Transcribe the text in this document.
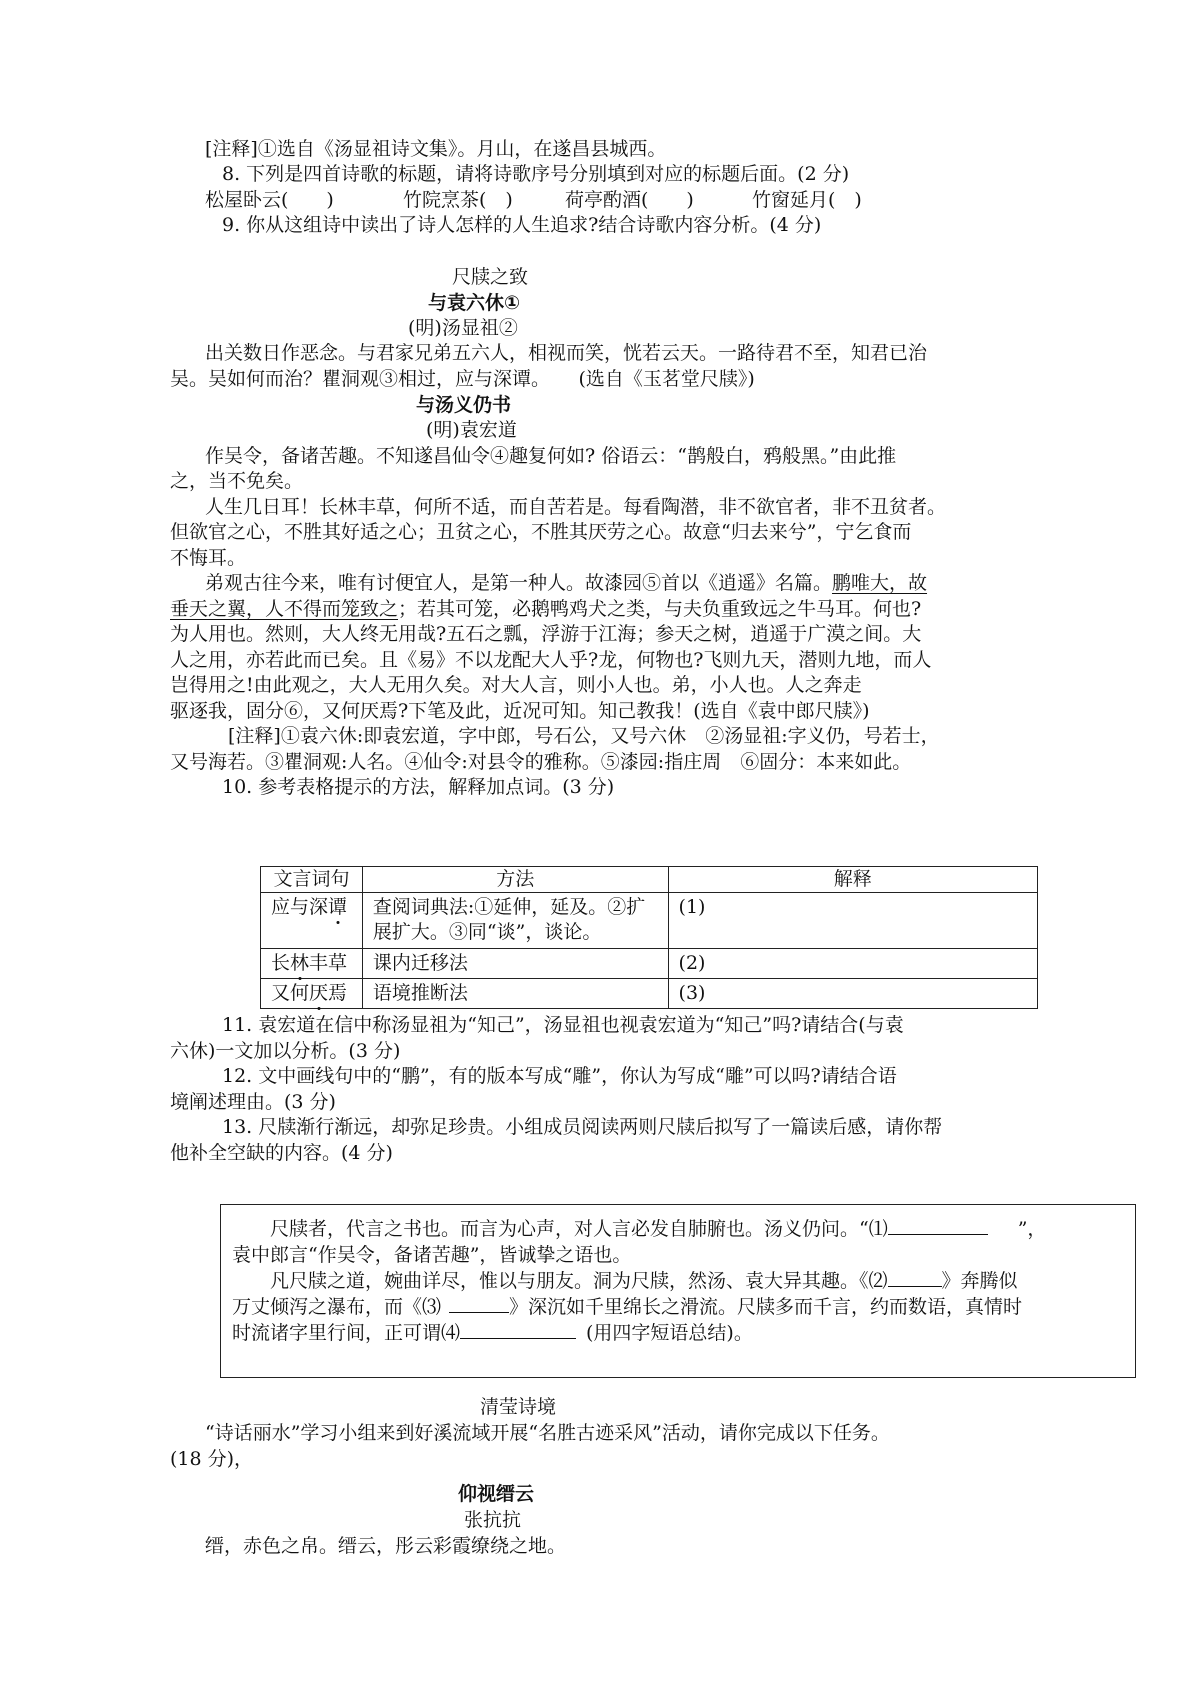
[注释]①选自《汤显祖诗文集》。月山，在遂昌县城西。
8. 下列是四首诗歌的标题，请将诗歌序号分别填到对应的标题后面。(2 分)
松屋卧云(　　)	竹院烹茶(　)	荷亭酌酒(　　)	竹窗延月(　)
9. 你从这组诗中读出了诗人怎样的人生追求?结合诗歌内容分析。(4 分)
尺牍之致
与袁六休①
(明)汤显祖②
出关数日作恶念。与君家兄弟五六人，相视而笑，恍若云天。一路待君不至，知君已治
吴。吴如何而治？瞿洞观③相过，应与深谭。　　(选自《玉茗堂尺牍》)
与汤义仍书
(明)袁宏道
作吴令，备诸苦趣。不知遂昌仙令④趣复何如? 俗语云：“鹊般白，鸦般黑。”由此推
之，当不免矣。
人生几日耳！长林丰草，何所不适，而自苦若是。每看陶潜，非不欲官者，非不丑贫者。
但欲官之心，不胜其好适之心；丑贫之心，不胜其厌劳之心。故意“归去来兮”，宁乞食而
不悔耳。
弟观古往今来，唯有讨便宜人，是第一种人。故漆园⑤首以《逍遥》名篇。鹏唯大，故
垂天之翼，人不得而笼致之；若其可笼，必鹅鸭鸡犬之类，与夫负重致远之牛马耳。何也?
为人用也。然则，大人终无用哉?五石之瓢，浮游于江海；参天之树，逍遥于广漠之间。大
人之用，亦若此而已矣。且《易》不以龙配大人乎?龙，何物也?飞则九天，潜则九地，而人
岂得用之!由此观之，大人无用久矣。对大人言，则小人也。弟，小人也。人之奔走
驱逐我，固分⑥，又何厌焉?下笔及此，近况可知。知己教我！(选自《袁中郎尺牍》)
[注释]①袁六休:即袁宏道，字中郎，号石公，又号六休　②汤显祖:字义仍，号若士，
又号海若。③瞿洞观:人名。④仙令:对县令的雅称。⑤漆园:指庄周　⑥固分：本来如此。
10. 参考表格提示的方法，解释加点词。(3 分)
文言词句	方法	解释
应与深谭	查阅词典法:①延伸，延及。②扩
展扩大。③同“谈”，谈论。	(1)
长林丰草	课内迁移法	(2)
又何厌焉	语境推断法	(3)
11. 袁宏道在信中称汤显祖为“知己”，汤显祖也视袁宏道为“知己”吗?请结合(与袁
六休)一文加以分析。(3 分)
12. 文中画线句中的“鹏”，有的版本写成“雕”，你认为写成“雕”可以吗?请结合语
境阐述理由。(3 分)
13. 尺牍渐行渐远，却弥足珍贵。小组成员阅读两则尺牍后拟写了一篇读后感，请你帮
他补全空缺的内容。(4 分)
尺牍者，代言之书也。而言为心声，对人言必发自肺腑也。汤义仍问。“⑴	”，
袁中郎言“作吴令，备诸苦趣”，皆诚挚之语也。
凡尺牍之道，婉曲详尽，惟以与朋友。洞为尺牍，然汤、袁大异其趣。《⑵	》奔腾似
万丈倾泻之瀑布，而《⑶	》深沉如千里绵长之滑流。尺牍多而千言，约而数语，真情时
时流诸字里行间，正可谓⑷	(用四字短语总结)。
清莹诗境
“诗话丽水”学习小组来到好溪流域开展“名胜古迹采风”活动，请你完成以下任务。
(18 分)，
仰视缙云
张抗抗
缙，赤色之帛。缙云，彤云彩霞缭绕之地。
